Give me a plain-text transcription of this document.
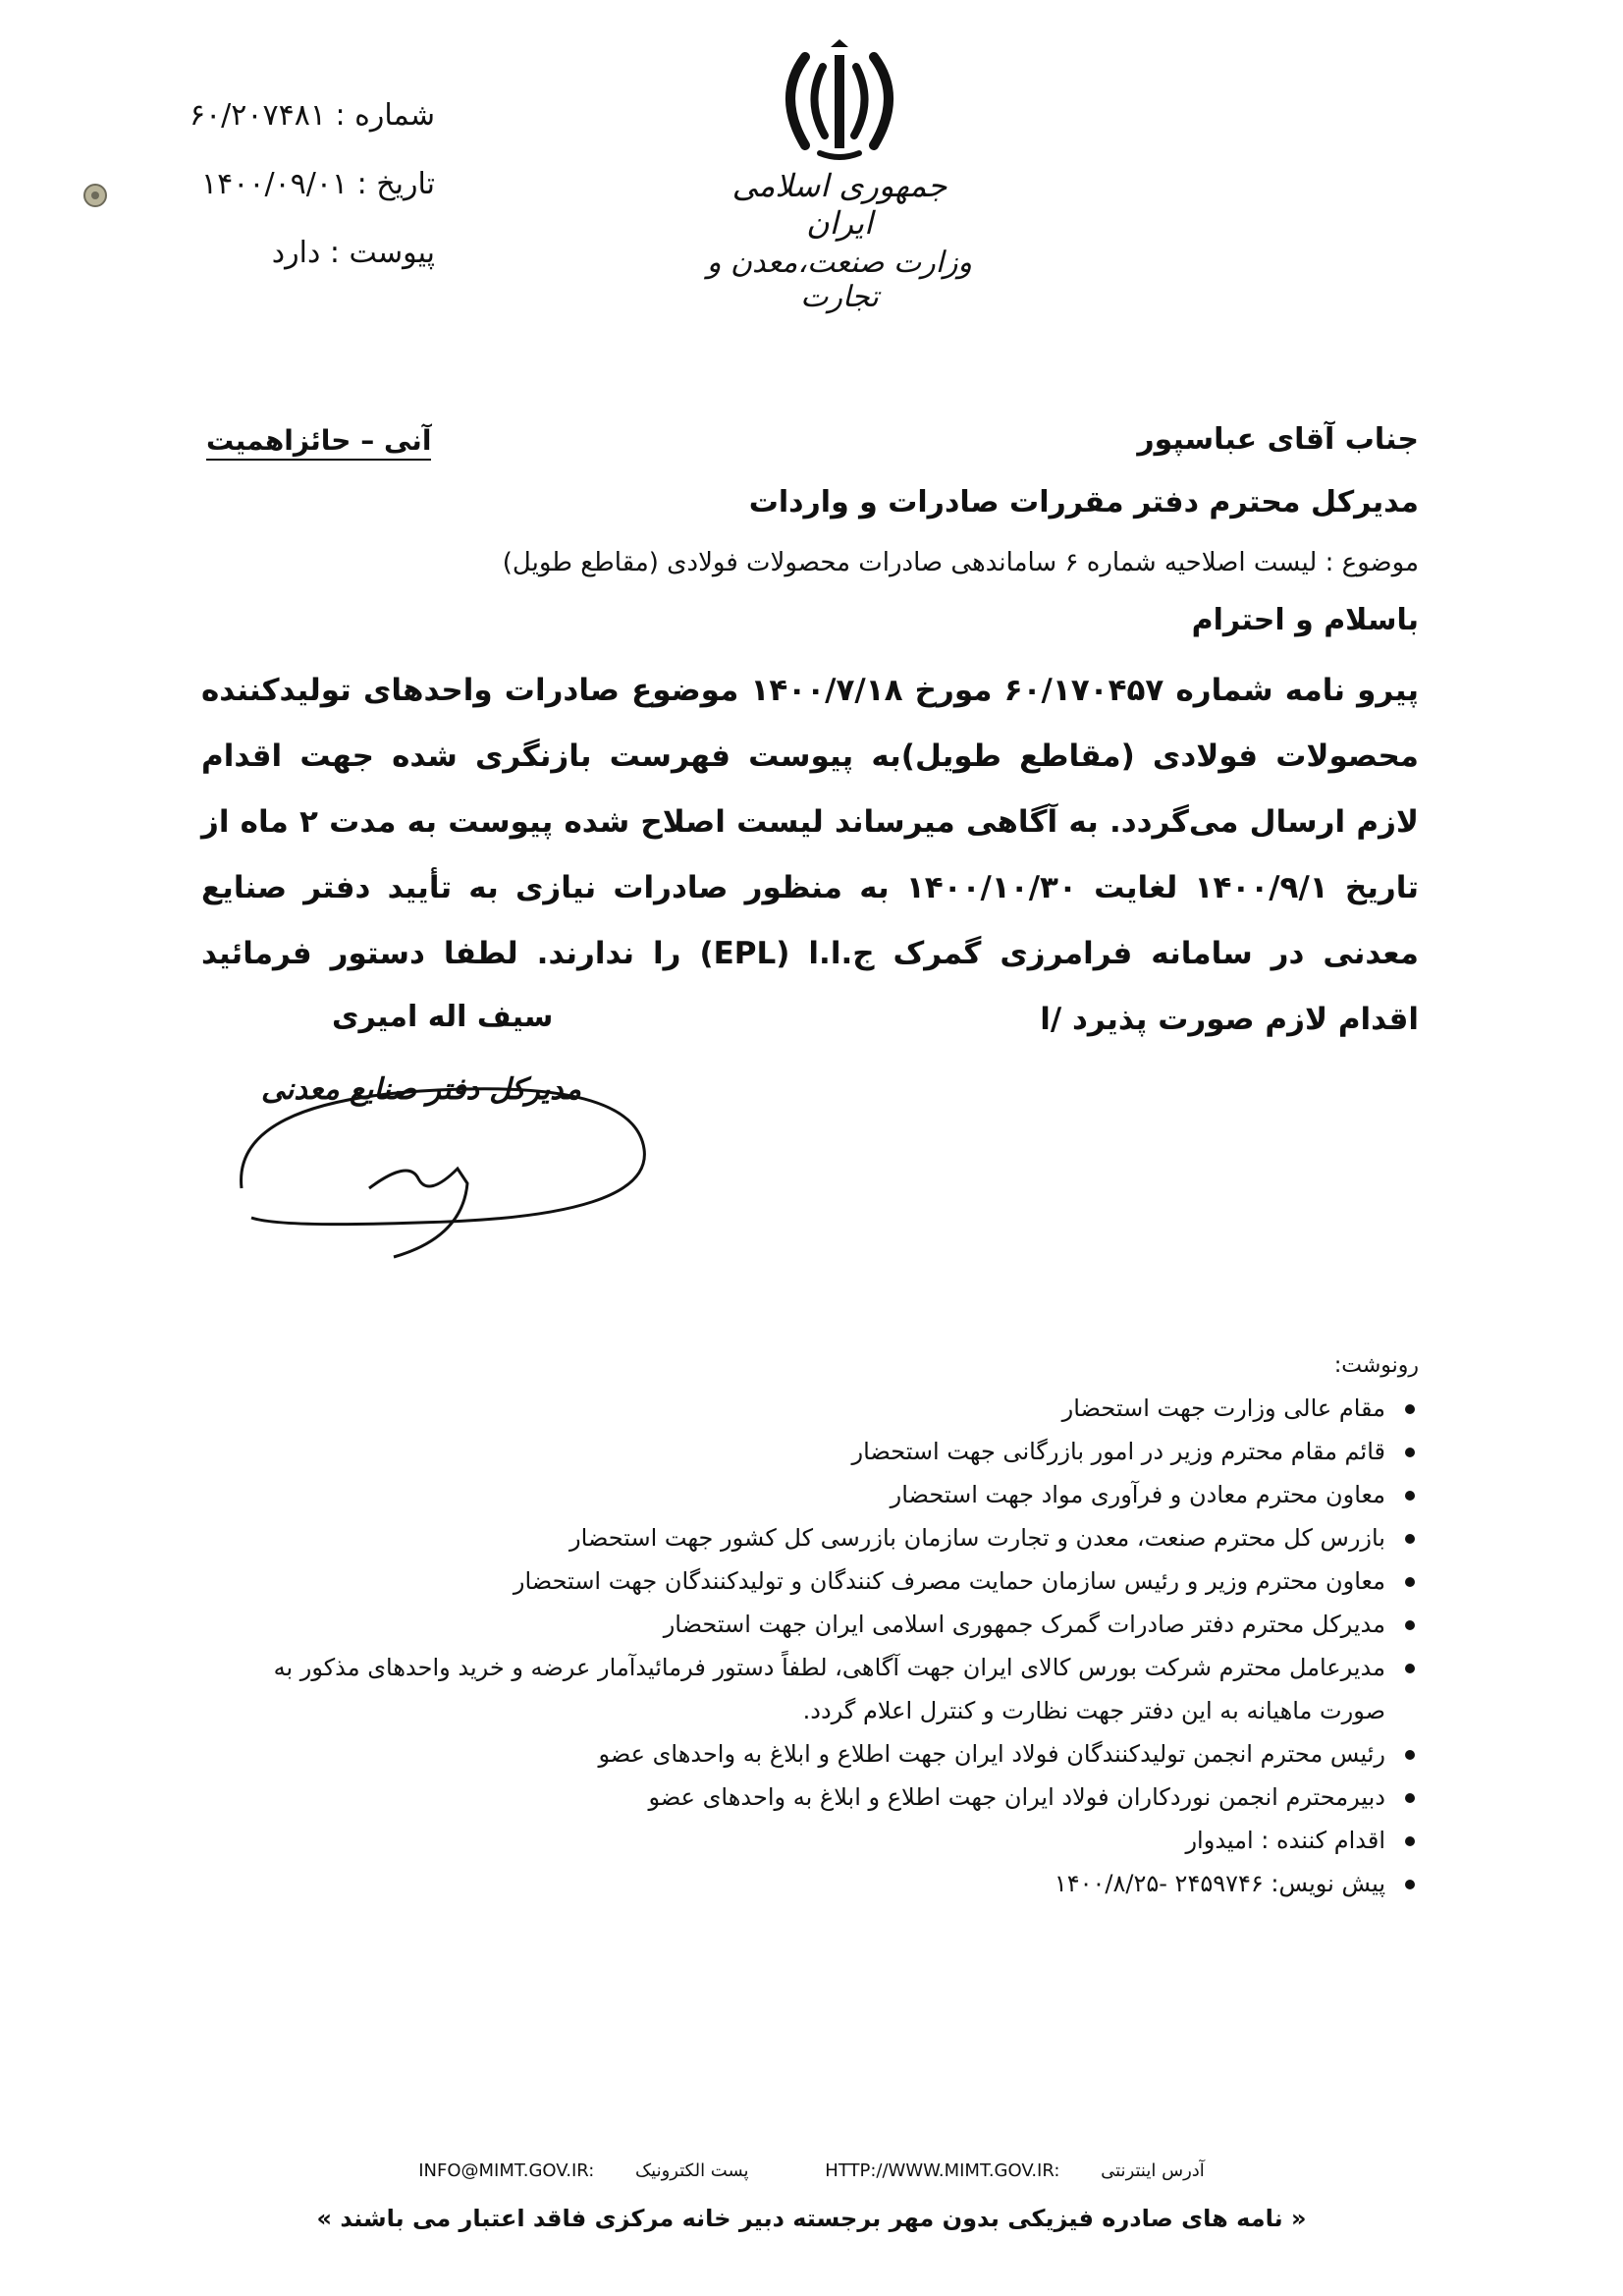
شماره : ۶۰/۲۰۷۴۸۱
تاریخ : ۱۴۰۰/۰۹/۰۱
پیوست : دارد
جمهوری اسلامی ایران
وزارت صنعت،معدن و تجارت
آنی – حائزاهمیت	جناب آقای عباسپور
مدیرکل محترم دفتر مقررات صادرات و واردات
موضوع : لیست اصلاحیه شماره ۶ ساماندهی صادرات محصولات فولادی (مقاطع طویل)
باسلام و احترام
پیرو نامه شماره ۶۰/۱۷۰۴۵۷ مورخ ۱۴۰۰/۷/۱۸ موضوع صادرات واحدهای تولیدکننده محصولات فولادی (مقاطع طویل)به پیوست فهرست بازنگری شده جهت اقدام لازم ارسال می‌گردد. به آگاهی میرساند لیست اصلاح شده پیوست به مدت ۲ ماه از تاریخ ۱۴۰۰/۹/۱ لغایت ۱۴۰۰/۱۰/۳۰ به منظور صادرات نیازی به تأیید دفتر صنایع معدنی در سامانه فرامرزی گمرک ج.ا.ا (EPL) را ندارند. لطفا دستور فرمائید اقدام لازم صورت پذیرد /ا
سیف اله امیری
مدیرکل دفتر صنایع معدنی
رونوشت:
مقام عالی وزارت جهت استحضار
قائم مقام محترم وزیر در امور بازرگانی جهت استحضار
معاون محترم معادن و فرآوری مواد جهت استحضار
بازرس کل محترم صنعت، معدن و تجارت سازمان بازرسی کل کشور جهت استحضار
معاون محترم وزیر و رئیس سازمان حمایت مصرف کنندگان و تولیدکنندگان جهت استحضار
مدیرکل محترم دفتر صادرات گمرک جمهوری اسلامی ایران جهت استحضار
مدیرعامل محترم شرکت بورس کالای ایران جهت آگاهی، لطفاً دستور فرمائیدآمار عرضه و خرید واحدهای مذکور به صورت ماهیانه به این دفتر جهت نظارت و کنترل اعلام گردد.
رئیس محترم انجمن تولیدکنندگان فولاد ایران جهت اطلاع و ابلاغ به واحدهای عضو
دبیرمحترم انجمن نوردکاران فولاد ایران جهت اطلاع و ابلاغ به واحدهای عضو
اقدام کننده : امیدوار
پیش نویس: ۲۴۵۹۷۴۶ -۱۴۰۰/۸/۲۵
INFO@MIMT.GOV.IR: پست الکترونیک	HTTP://WWW.MIMT.GOV.IR: آدرس اینترنتی
« نامه های صادره فیزیکی بدون مهر برجسته دبیر خانه مرکزی فاقد اعتبار می باشند »
